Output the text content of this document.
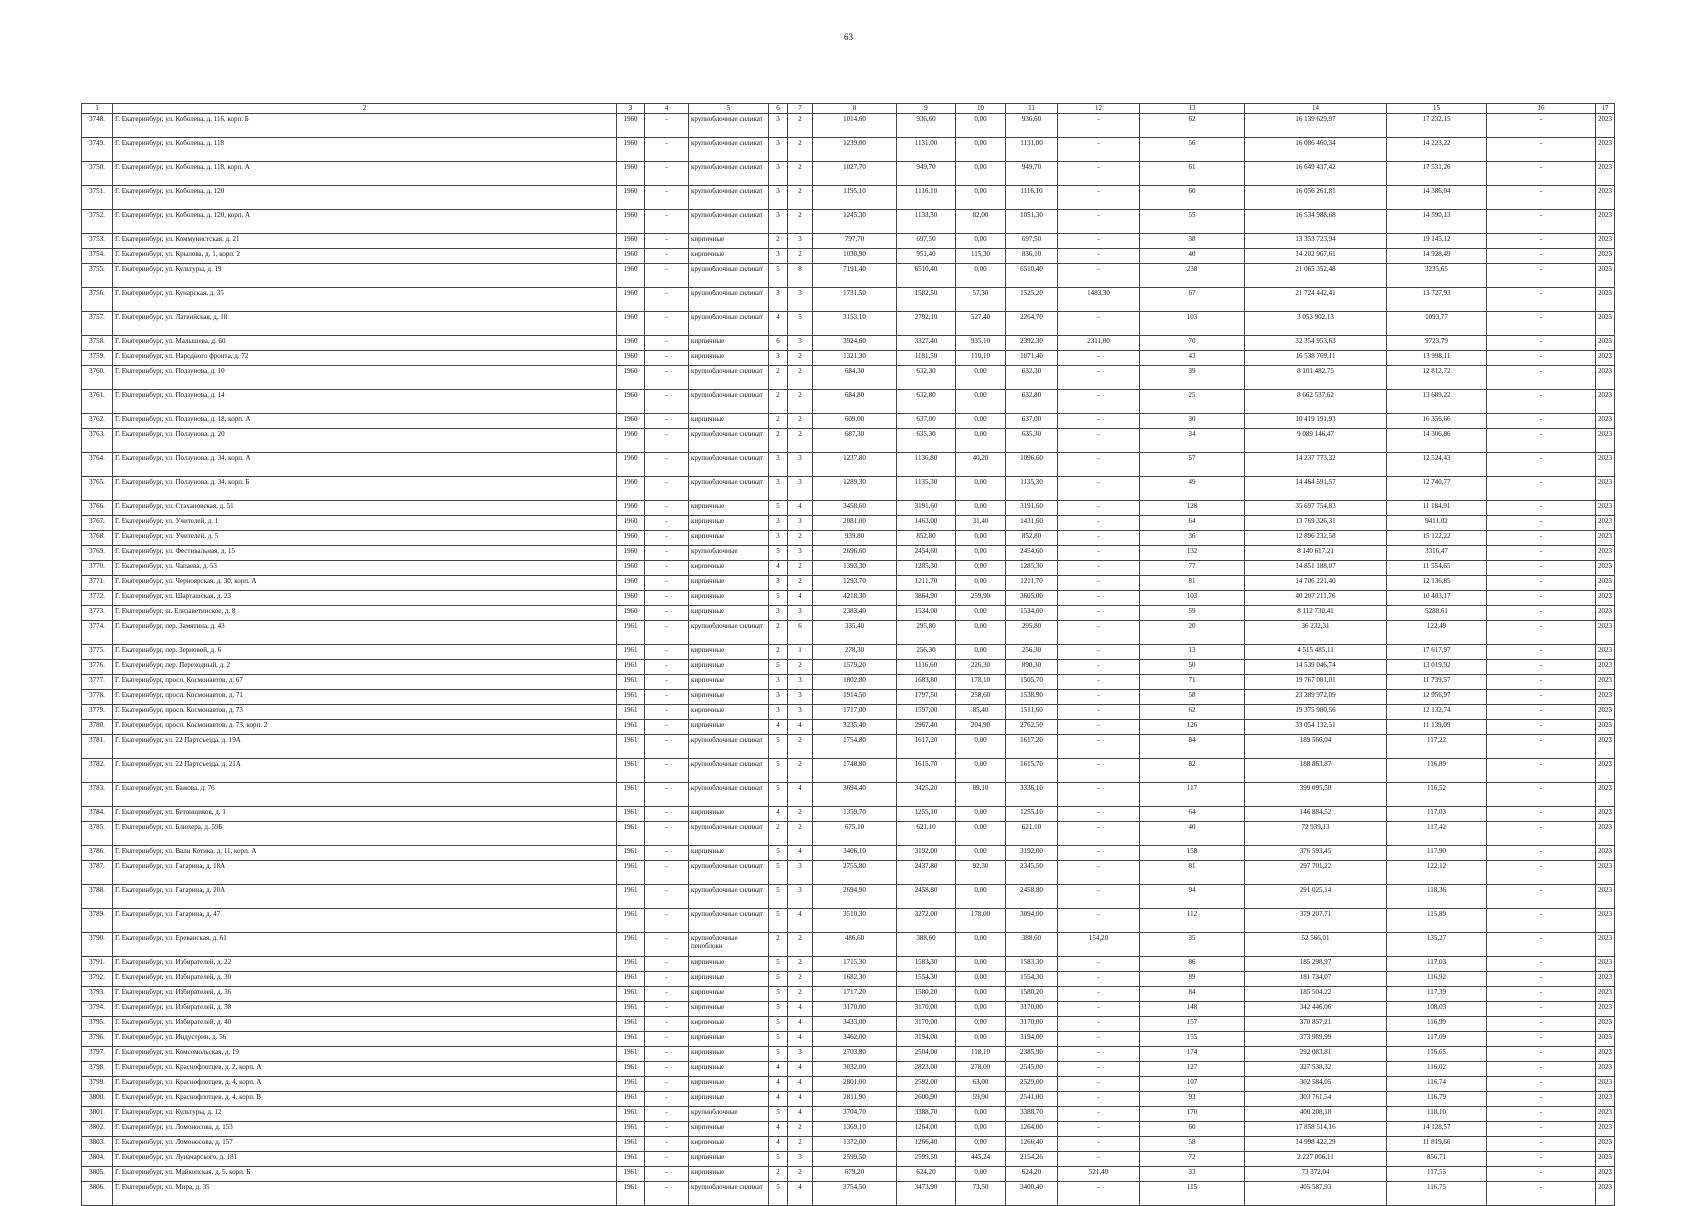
63
1	2	3	4	5	6	7	8	9	10	11	12	13	14	15	16	17
3748.	Г. Екатеринбург, ул. Коболева, д. 116, корп. Б	1960	-	крупноблочные силикат	3	2	1014,60	936,60	0,00	936,60	-	62	16 139 629,97	17 232,15	-	2023
3749.	Г. Екатеринбург, ул. Коболева, д. 118	1960	-	крупноблочные силикат	3	2	1239,00	1131,00	0,00	1131,00	-	56	16 086 460,34	14 223,22	-	2023
3750.	Г. Екатеринбург, ул. Коболева, д. 118, корп. А	1960	-	крупноблочные силикат	3	2	1027,70	949,70	0,00	949,70	-	61	16 649 437,42	17 531,26	-	2023
3751.	Г. Екатеринбург, ул. Коболева, д. 120	1960	-	крупноблочные силикат	3	2	1195,10	1116,10	0,00	1116,10	-	60	16 056 261,81	14 386,04	-	2023
3752.	Г. Екатеринбург, ул. Коболева, д. 120, корп. А	1960	-	крупноблочные силикат	3	2	1245,30	1133,30	82,00	1051,30	-	55	16 534 988,68	14 590,13	-	2023
3753.	Г. Екатеринбург, ул. Коммунистская, д. 21	1960	-	кирпичные	2	3	797,70	697,50	0,00	697,50	-	38	13 353 723,94	19 145,12	-	2023
3754.	Г. Екатеринбург, ул. Крылова, д. 1, корп. 2	1960	-	кирпичные	3	2	1030,90	951,40	115,30	836,10	-	40	14 202 967,61	14 928,49	-	2023
3755.	Г. Екатеринбург, ул. Культуры, д. 19	1960	-	крупноблочные силикат	5	8	7191,40	6510,40	0,00	6510,40	-	238	21 065 352,48	3235,65	-	2023
3756.	Г. Екатеринбург, ул. Кунарская, д. 35	1960	-	крупноблочные силикат	3	3	1731,50	1582,50	57,30	1525,20	1483,30	67	21 724 442,41	13 727,93	-	2023
3757.	Г. Екатеринбург, ул. Латвийская, д. 18	1960	-	крупноблочные силикат	4	5	3153,10	2792,10	527,40	2264,70	-	103	3 053 902,13	1093,77	-	2023
3758.	Г. Екатеринбург, ул. Малышева, д. 60	1960	-	кирпичные	6	3	3924,60	3327,40	935,10	2392,30	2311,00	70	32 354 953,63	9723,79	-	2023
3759.	Г. Екатеринбург, ул. Народного фронта, д. 72	1960	-	кирпичные	3	2	1321,30	1181,50	110,10	1071,40	-	43	16 538 769,11	13 998,11	-	2023
3760.	Г. Екатеринбург, ул. Ползунова, д. 10	1960	-	крупноблочные силикат	2	2	684,30	632,30	0,00	632,30	-	39	8 101 482,75	12 812,72	-	2023
3761.	Г. Екатеринбург, ул. Ползунова, д. 14	1960	-	крупноблочные силикат	2	2	684,80	632,80	0,00	632,80	-	25	8 662 537,62	13 689,22	-	2023
3762.	Г. Екатеринбург, ул. Ползунова, д. 18, корп. А	1960	-	кирпичные	2	2	609,00	637,00	0,00	637,00	-	30	10 419 191,93	16 356,66	-	2023
3763.	Г. Екатеринбург, ул. Ползунова, д. 20	1960	-	крупноблочные силикат	2	2	687,30	635,30	0,00	635,30	-	34	9 089 146,47	14 306,86	-	2023
3764.	Г. Екатеринбург, ул. Ползунова, д. 34, корп. А	1960	-	крупноблочные силикат	3	3	1237,80	1136,80	40,20	1096,60	-	57	14 237 773,32	12 524,43	-	2023
3765.	Г. Екатеринбург, ул. Ползунова, д. 34, корп. Б	1960	-	крупноблочные силикат	3	3	1289,30	1135,30	0,00	1135,30	-	49	14 464 591,57	12 740,77	-	2023
3766.	Г. Екатеринбург, ул. Стахановская, д. 51	1960	-	кирпичные	5	4	3458,60	3191,60	0,00	3191,60	-	128	35 697 754,83	11 184,91	-	2023
3767.	Г. Екатеринбург, ул. Учителей, д. 1	1960	-	кирпичные	3	3	2081,00	1463,00	31,40	1431,60	-	64	13 769 326,31	9411,02	-	2023
3768.	Г. Екатеринбург, ул. Учителей, д. 5	1960	-	кирпичные	3	2	939,80	852,80	0,00	852,80	-	36	12 896 232,58	15 122,22	-	2023
3769.	Г. Екатеринбург, ул. Фестивальная, д. 15	1960	-	крупноблочные	5	3	2696,60	2454,60	0,00	2454,60	-	132	8 140 617,21	3316,47	-	2023
3770.	Г. Екатеринбург, ул. Чапаева, д. 53	1960	-	кирпичные	4	2	1393,30	1285,30	0,00	1285,30	-	77	14 851 188,07	11 554,65	-	2023
3771.	Г. Екатеринбург, ул. Черноярская, д. 30, корп. А	1960	-	кирпичные	3	2	1293,70	1211,70	0,00	1211,70	-	81	14 706 221,40	12 136,85	-	2023
3772.	Г. Екатеринбург, ул. Шарташская, д. 23	1960	-	кирпичные	5	4	4218,30	3864,90	259,90	3605,00	-	103	40 207 211,76	10 403,17	-	2023
3773.	Г. Екатеринбург, ш. Елизаветинское, д. 8	1960	-	кирпичные	3	3	2383,40	1534,00	0,00	1534,00	-	59	8 112 730,41	5288,61	-	2023
3774.	Г. Екатеринбург, пер. Замятина, д. 43	1961	-	крупноблочные силикат	2	6	335,40	295,80	0,00	295,80	-	20	36 232,31	122,49	-	2023
3775.	Г. Екатеринбург, пер. Зерновой, д. 6	1961	-	кирпичные	2	1	278,30	256,30	0,00	256,30	-	13	4 515 485,11	17 617,97	-	2023
3776.	Г. Екатеринбург, пер. Переходный, д. 2	1961	-	кирпичные	5	2	1579,20	1116,60	226,30	890,30	-	50	14 539 046,74	13 019,92	-	2023
3777.	Г. Екатеринбург, просп. Космонавтов, д. 67	1961	-	кирпичные	3	3	1802,80	1683,80	178,10	1505,70	-	71	19 767 081,01	11 739,57	-	2023
3778.	Г. Екатеринбург, просп. Космонавтов, д. 71	1961	-	кирпичные	3	3	1914,50	1797,50	258,60	1538,90	-	58	23 289 972,09	12 956,97	-	2023
3779.	Г. Екатеринбург, просп. Космонавтов, д. 73	1961	-	кирпичные	3	3	1717,00	1597,00	85,40	1511,60	-	62	19 375 980,56	12 132,74	-	2023
3780.	Г. Екатеринбург, просп. Космонавтов, д. 73, корп. 2	1961	-	кирпичные	4	4	3235,40	2967,40	204,90	2762,50	-	126	33 054 132,51	11 139,09	-	2023
3781.	Г. Екатеринбург, ул. 22 Партсъезда, д. 19А	1961	-	крупноблочные силикат	5	2	1754,80	1617,20	0,00	1617,20	-	84	189 566,04	117,22	-	2023
3782.	Г. Екатеринбург, ул. 22 Партсъезда, д. 21А	1961	-	крупноблочные силикат	5	2	1748,80	1615,70	0,00	1615,70	-	82	188 863,87	116,89	-	2023
3783.	Г. Екатеринбург, ул. Бажова, д. 76	1961	-	крупноблочные силикат	5	4	3694,40	3425,20	89,10	3336,10	-	117	399 095,50	116,52	-	2023
3784.	Г. Екатеринбург, ул. Бетонщиков, д. 1	1961	-	кирпичные	4	2	1359,70	1255,10	0,00	1255,10	-	64	146 884,52	117,03	-	2023
3785.	Г. Екатеринбург, ул. Блюхера, д. 59Б	1961	-	крупноблочные силикат	2	2	675,10	621,10	0,00	621,10	-	40	72 939,13	117,42	-	2023
3786.	Г. Екатеринбург, ул. Вали Котика, д. 11, корп. А	1961	-	кирпичные	5	4	3406,10	3192,00	0,00	3192,00	-	158	376 593,45	117,90	-	2023
3787.	Г. Екатеринбург, ул. Гагарина, д. 18А	1961	-	крупноблочные силикат	5	3	2755,80	2437,80	92,30	2345,50	-	81	297 701,22	122,12	-	2023
3788.	Г. Екатеринбург, ул. Гагарина, д. 20А	1961	-	крупноблочные силикат	5	3	2694,90	2458,80	0,00	2458,80	-	94	291 025,14	118,36	-	2023
3789.	Г. Екатеринбург, ул. Гагарина, д. 47	1961	-	крупноблочные силикат	5	4	3510,30	3272,00	178,00	3094,00	-	112	379 207,71	115,89	-	2023
3790.	Г. Екатеринбург, ул. Ереванская, д. 61	1961	-	крупноблочные пеноблоки	2	2	486,60	388,60	0,00	388,60	154,20	35	52 566,01	135,27	-	2023
3791.	Г. Екатеринбург, ул. Избирателей, д. 22	1961	-	кирпичные	5	2	1715,30	1583,30	0,00	1583,30	-	86	185 298,97	117,03	-	2023
3792.	Г. Екатеринбург, ул. Избирателей, д. 30	1961	-	кирпичные	5	2	1682,30	1554,30	0,00	1554,30	-	89	181 734,07	116,92	-	2023
3793.	Г. Екатеринбург, ул. Избирателей, д. 36	1961	-	кирпичные	5	2	1717,20	1580,20	0,00	1580,20	-	84	185 504,22	117,39	-	2023
3794.	Г. Екатеринбург, ул. Избирателей, д. 38	1961	-	кирпичные	5	4	3170,00	3170,00	0,00	3170,00	-	148	342 446,06	108,03	-	2023
3795.	Г. Екатеринбург, ул. Избирателей, д. 40	1961	-	кирпичные	5	4	3433,00	3170,00	0,00	3170,00	-	157	370 857,21	116,99	-	2023
3796.	Г. Екатеринбург, ул. Индустрии, д. 56	1961	-	кирпичные	5	4	3462,00	3194,00	0,00	3194,00	-	155	373 989,99	117,09	-	2023
3797.	Г. Екатеринбург, ул. Комсомольская, д. 19	1961	-	кирпичные	5	3	2703,80	2504,00	118,10	2385,90	-	174	292 083,81	116,65	-	2023
3798.	Г. Екатеринбург, ул. Краснофлотцев, д. 2, корп. А	1961	-	кирпичные	4	4	3032,00	2823,00	278,00	2545,00	-	127	327 538,32	116,02	-	2023
3799.	Г. Екатеринбург, ул. Краснофлотцев, д. 4, корп. А	1961	-	кирпичные	4	4	2801,00	2592,00	63,00	2529,00	-	107	302 584,05	116,74	-	2023
3800.	Г. Екатеринбург, ул. Краснофлотцев, д. 4, корп. В	1961	-	кирпичные	4	4	2811,90	2600,90	59,90	2541,00	-	93	303 761,54	116,79	-	2023
3801.	Г. Екатеринбург, ул. Культуры, д. 12	1961	-	крупноблочные	5	4	3704,70	3388,70	0,00	3388,70	-	170	400 208,18	118,10	-	2023
3802.	Г. Екатеринбург, ул. Ломоносова, д. 153	1961	-	кирпичные	4	2	1369,10	1264,00	0,00	1264,00	-	60	17 858 514,16	14 128,57	-	2023
3803.	Г. Екатеринбург, ул. Ломоносова, д. 157	1961	-	кирпичные	4	2	1372,00	1266,40	0,00	1266,40	-	58	14 998 422,29	11 819,66	-	2023
3804.	Г. Екатеринбург, ул. Луначарского, д. 181	1961	-	кирпичные	5	3	2599,50	2599,50	445,24	2154,26	-	72	2 227 006,11	856,71	-	2023
3805.	Г. Екатеринбург, ул. Майкопская, д. 5, корп. Б	1961	-	кирпичные	2	2	679,20	624,20	0,00	624,20	521,40	33	73 372,04	117,55	-	2023
3806.	Г. Екатеринбург, ул. Мира, д. 35	1961	-	крупноблочные силикат	5	4	3754,50	3473,90	73,50	3400,40	-	115	405 587,93	116,75	-	2023
